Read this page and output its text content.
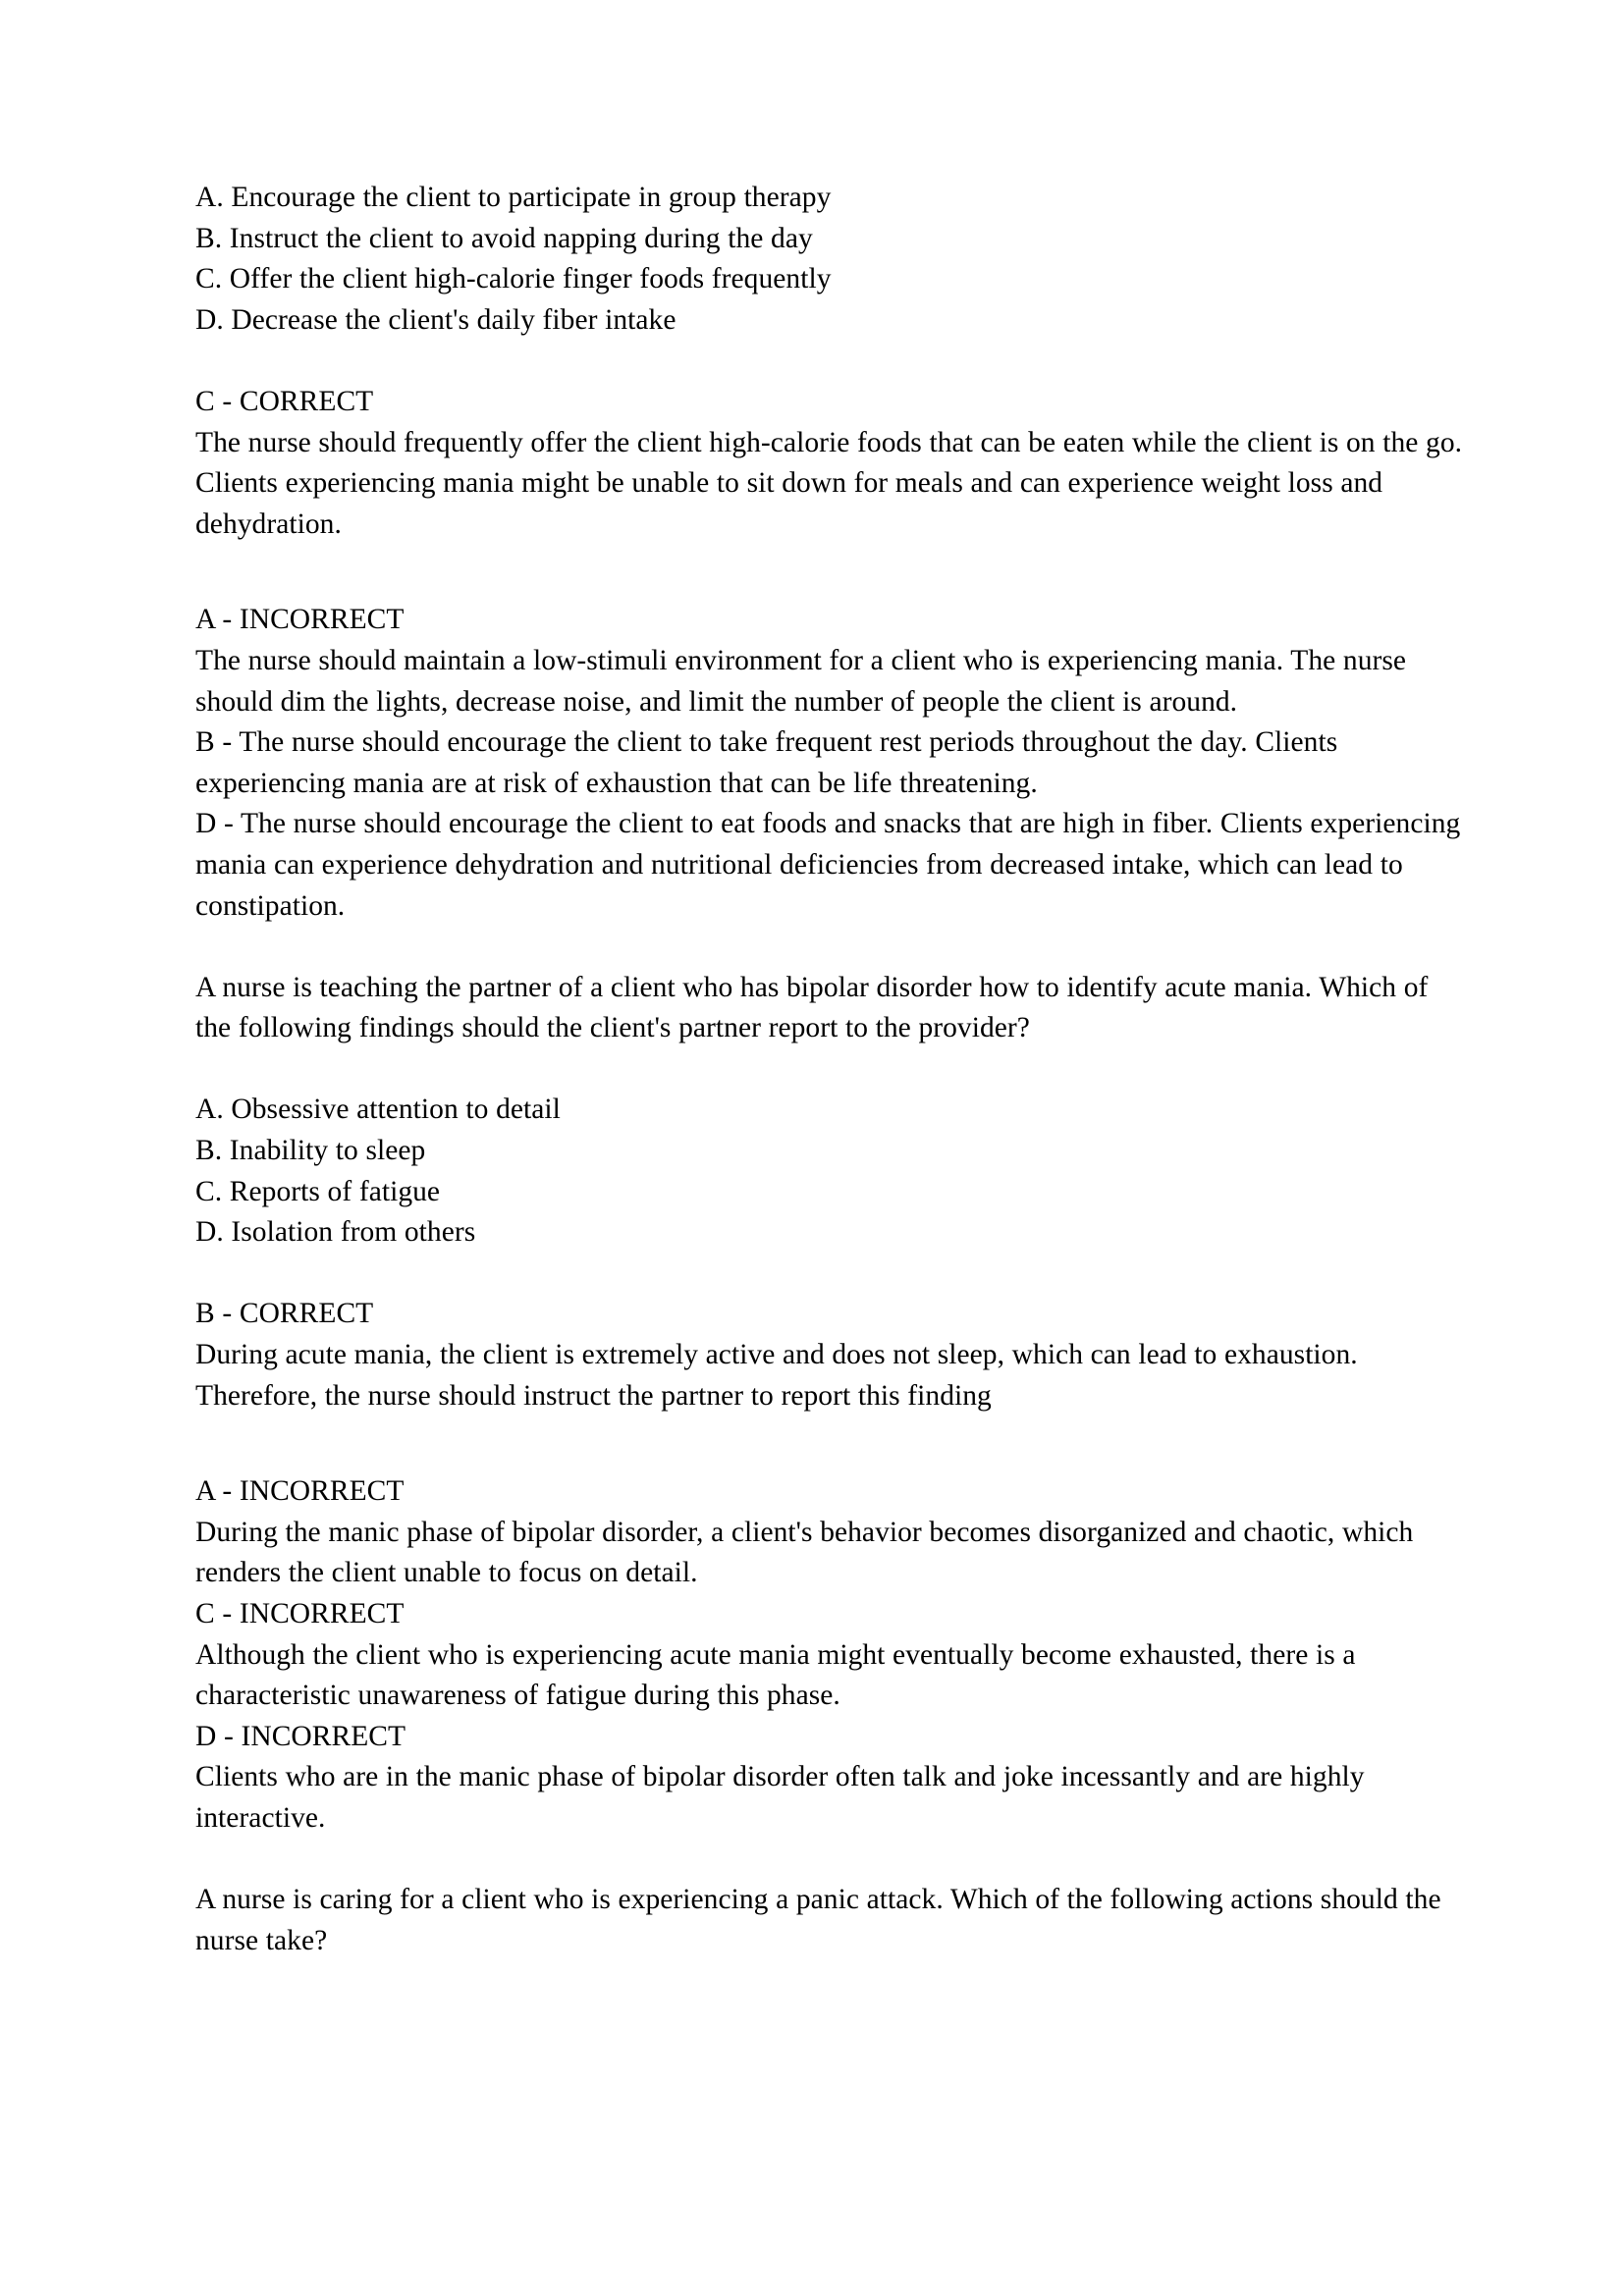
A. Encourage the client to participate in group therapy
B. Instruct the client to avoid napping during the day
C. Offer the client high-calorie finger foods frequently
D. Decrease the client's daily fiber intake
C - CORRECT
The nurse should frequently offer the client high-calorie foods that can be eaten while the client is on the go. Clients experiencing mania might be unable to sit down for meals and can experience weight loss and dehydration.
A - INCORRECT
The nurse should maintain a low-stimuli environment for a client who is experiencing mania. The nurse should dim the lights, decrease noise, and limit the number of people the client is around.
B - The nurse should encourage the client to take frequent rest periods throughout the day. Clients experiencing mania are at risk of exhaustion that can be life threatening.
D - The nurse should encourage the client to eat foods and snacks that are high in fiber. Clients experiencing mania can experience dehydration and nutritional deficiencies from decreased intake, which can lead to constipation.
A nurse is teaching the partner of a client who has bipolar disorder how to identify acute mania. Which of the following findings should the client's partner report to the provider?
A. Obsessive attention to detail
B. Inability to sleep
C. Reports of fatigue
D. Isolation from others
B - CORRECT
During acute mania, the client is extremely active and does not sleep, which can lead to exhaustion. Therefore, the nurse should instruct the partner to report this finding
A - INCORRECT
During the manic phase of bipolar disorder, a client's behavior becomes disorganized and chaotic, which renders the client unable to focus on detail.
C - INCORRECT
Although the client who is experiencing acute mania might eventually become exhausted, there is a characteristic unawareness of fatigue during this phase.
D - INCORRECT
Clients who are in the manic phase of bipolar disorder often talk and joke incessantly and are highly interactive.
A nurse is caring for a client who is experiencing a panic attack. Which of the following actions should the nurse take?
